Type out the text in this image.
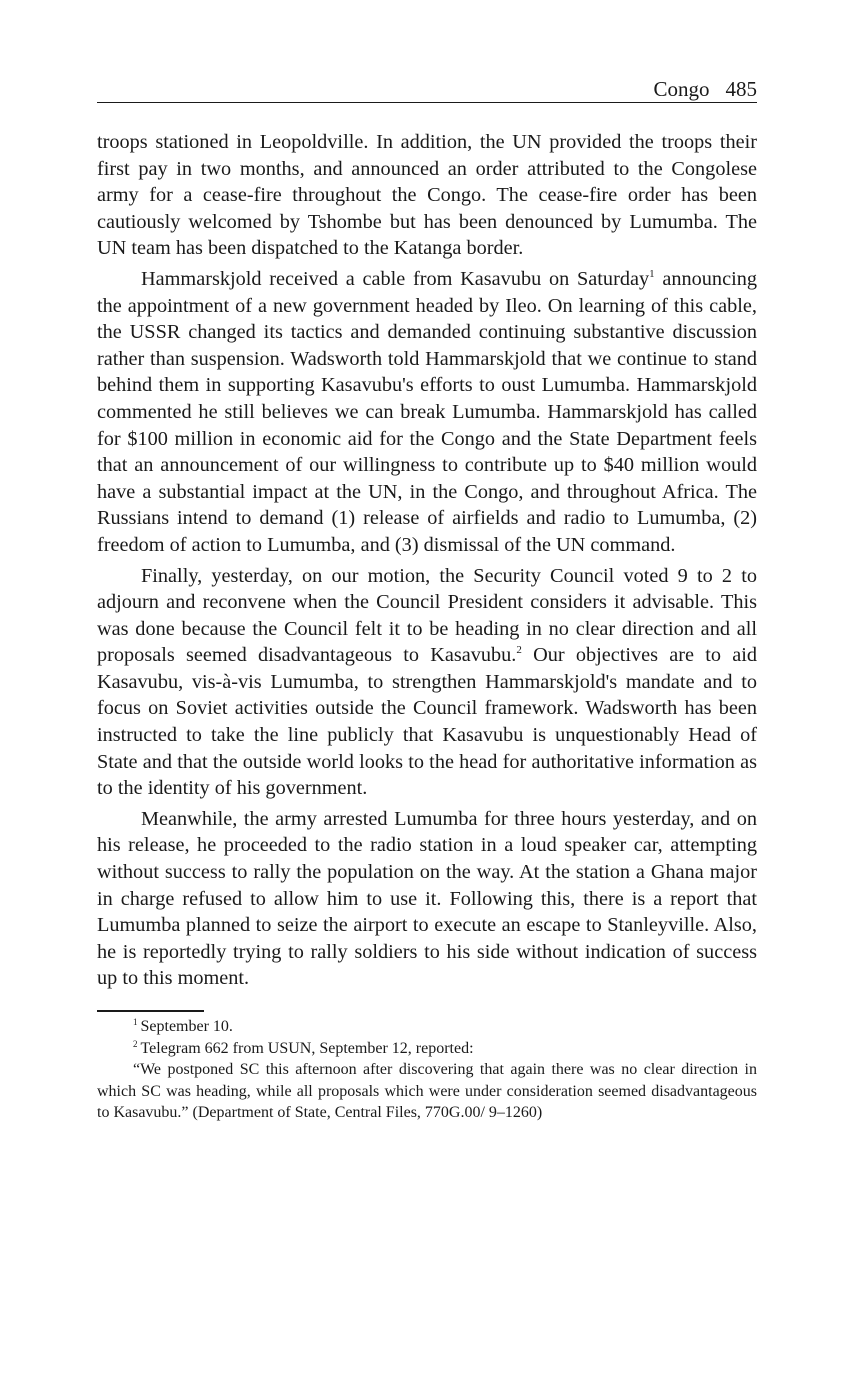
Congo 485

troops stationed in Leopoldville. In addition, the UN provided the troops their first pay in two months, and announced an order attributed to the Congolese army for a cease-fire throughout the Congo. The cease-fire order has been cautiously welcomed by Tshombe but has been denounced by Lumumba. The UN team has been dispatched to the Katanga border.

Hammarskjold received a cable from Kasavubu on Saturday$^1$ announcing the appointment of a new government headed by Ileo. On learning of this cable, the USSR changed its tactics and demanded continuing substantive discussion rather than suspension. Wadsworth told Hammarskjold that we continue to stand behind them in supporting Kasavubu's efforts to oust Lumumba. Hammarskjold commented he still believes we can break Lumumba. Hammarskjold has called for $100 million in economic aid for the Congo and the State Department feels that an announcement of our willingness to contribute up to $40 million would have a substantial impact at the UN, in the Congo, and throughout Africa. The Russians intend to demand (1) release of airfields and radio to Lumumba, (2) freedom of action to Lumumba, and (3) dismissal of the UN command.

Finally, yesterday, on our motion, the Security Council voted 9 to 2 to adjourn and reconvene when the Council President considers it advisable. This was done because the Council felt it to be heading in no clear direction and all proposals seemed disadvantageous to Kasavubu.$^2$ Our objectives are to aid Kasavubu, vis-à-vis Lumumba, to strengthen Hammarskjold's mandate and to focus on Soviet activities outside the Council framework. Wadsworth has been instructed to take the line publicly that Kasavubu is unquestionably Head of State and that the outside world looks to the head for authoritative information as to the identity of his government.

Meanwhile, the army arrested Lumumba for three hours yesterday, and on his release, he proceeded to the radio station in a loud speaker car, attempting without success to rally the population on the way. At the station a Ghana major in charge refused to allow him to use it. Following this, there is a report that Lumumba planned to seize the airport to execute an escape to Stanleyville. Also, he is reportedly trying to rally soldiers to his side without indication of success up to this moment.

$^1$ September 10.

$^2$ Telegram 662 from USUN, September 12, reported:

“We postponed SC this afternoon after discovering that again there was no clear direction in which SC was heading, while all proposals which were under consideration seemed disadvantageous to Kasavubu.” (Department of State, Central Files, 770G.00/ 9–1260)
